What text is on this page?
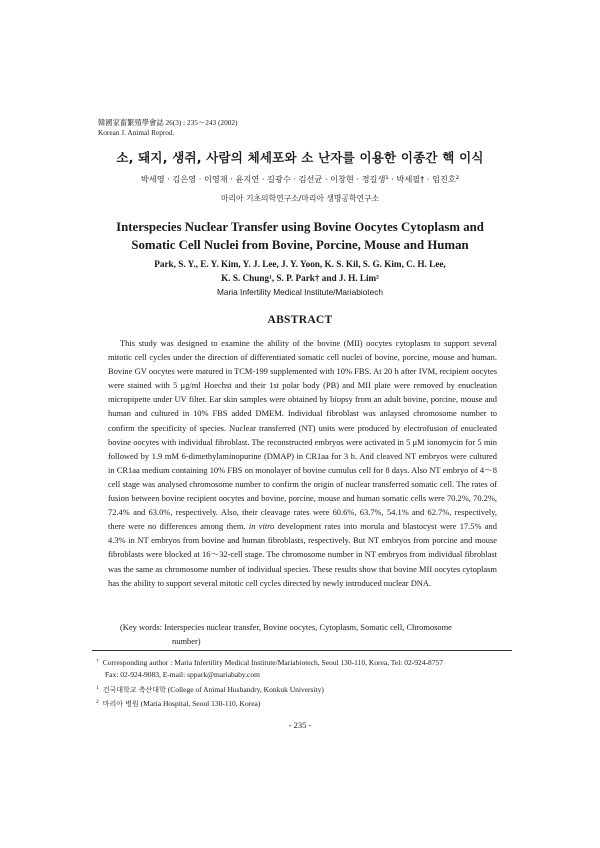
韓國家畜繁殖學會誌 26(3) : 235～243 (2002)
Korean J. Animal Reprod.
소, 돼지, 생쥐, 사람의 체세포와 소 난자를 이용한 이종간 핵 이식
박세영 · 김은영 · 이영재 · 윤지연 · 길광수 · 김선균 · 이창현 · 정길생¹ · 박세필† · 임진호²
마리아 기초의학연구소/마리아 생명공학연구소
Interspecies Nuclear Transfer using Bovine Oocytes Cytoplasm and
Somatic Cell Nuclei from Bovine, Porcine, Mouse and Human
Park, S. Y., E. Y. Kim, Y. J. Lee, J. Y. Yoon, K. S. Kil, S. G. Kim, C. H. Lee,
K. S. Chung¹, S. P. Park† and J. H. Lim²
Maria Infertility Medical Institute/Mariabiotech
ABSTRACT

This study was designed to examine the ability of the bovine (MII) oocytes cytoplasm to support several mitotic cell cycles under the direction of differentiated somatic cell nuclei of bovine, porcine, mouse and human. Bovine GV oocytes were matured in TCM-199 supplemented with 10% FBS. At 20 h after IVM, recipient oocytes were stained with 5 μg/ml Hoechst and their 1st polar body (PB) and MII plate were removed by enucleation micropipette under UV filter. Ear skin samples were obtained by biopsy from an adult bovine, porcine, mouse and human and cultured in 10% FBS added DMEM. Individual fibroblast was anlaysed chromosome number to confirm the specificity of species. Nuclear transferred (NT) units were produced by electrofusion of enucleated bovine oocytes with individual fibroblast. The reconstructed embryos were activated in 5 μM ionomycin for 5 min followed by 1.9 mM 6-dimethylaminopurine (DMAP) in CR1aa for 3 h. And cleaved NT embryos were cultured in CR1aa medium containing 10% FBS on monolayer of bovine cumulus cell for 8 days. Also NT embryo of 4～8 cell stage was analysed chromosome number to confirm the origin of nuclear transferred somatic cell. The rates of fusion between bovine recipient oocytes and bovine, porcine, mouse and human somatic cells were 70.2%, 70.2%, 72.4% and 63.0%, respectively. Also, their cleavage rates were 60.6%, 63.7%, 54.1% and 62.7%, respectively, there were no differences among them. in vitro development rates into morula and blastocyst were 17.5% and 4.3% in NT embryos from bovine and human fibroblasts, respectively. But NT embryos from porcine and mouse fibroblasts were blocked at 16～32-cell stage. The chromosome number in NT embryos from individual fibroblast was the same as chromosome number of individual species. These results show that bovine MII oocytes cytoplasm has the ability to support several mitotic cell cycles directed by newly introduced nuclear DNA.

(Key words: Interspecies nuclear transfer, Bovine oocytes, Cytoplasm, Somatic cell, Chromosome
number)
† Corresponding author : Maria Infertility Medical Institute/Mariabiotech, Seoul 130-110, Korea, Tel: 02-924-8757
Fax: 02-924-9083, E-mail: sppark@mariababy.com
$^1$ 건국대학교 축산대학 (College of Animal Husbandry, Konkuk University)
$^2$ 마리아 병원 (Maria Hospital, Seoul 130-110, Korea)
- 235 -
